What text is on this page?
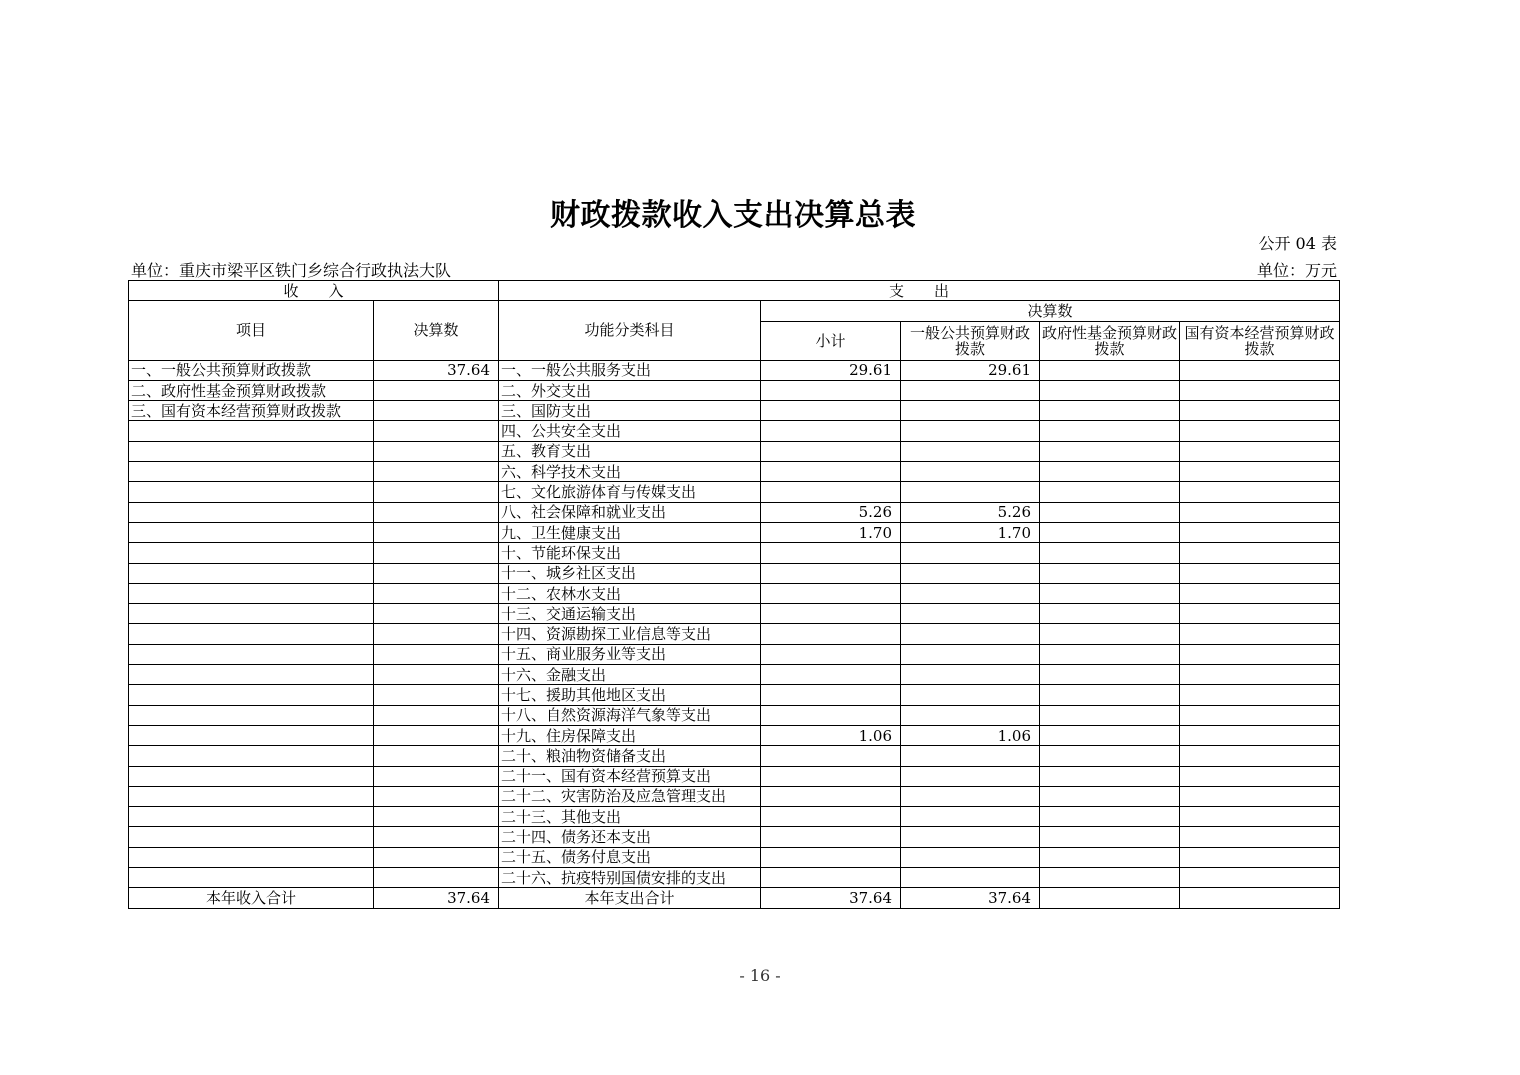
财政拨款收入支出决算总表
公开 04 表
单位：重庆市梁平区铁门乡综合行政执法大队	单位：万元
收　　入		支　　出				
项目	决算数	功能分类科目	决算数			
			小计	一般公共预算财政拨款	政府性基金预算财政拨款	国有资本经营预算财政拨款
一、一般公共预算财政拨款	37.64	一、一般公共服务支出	29.61	29.61		
二、政府性基金预算财政拨款		二、外交支出				
三、国有资本经营预算财政拨款		三、国防支出				
		四、公共安全支出				
		五、教育支出				
		六、科学技术支出				
		七、文化旅游体育与传媒支出				
		八、社会保障和就业支出	5.26	5.26		
		九、卫生健康支出	1.70	1.70		
		十、节能环保支出				
		十一、城乡社区支出				
		十二、农林水支出				
		十三、交通运输支出				
		十四、资源勘探工业信息等支出				
		十五、商业服务业等支出				
		十六、金融支出				
		十七、援助其他地区支出				
		十八、自然资源海洋气象等支出				
		十九、住房保障支出	1.06	1.06		
		二十、粮油物资储备支出				
		二十一、国有资本经营预算支出				
		二十二、灾害防治及应急管理支出				
		二十三、其他支出				
		二十四、债务还本支出				
		二十五、债务付息支出				
		二十六、抗疫特别国债安排的支出				
本年收入合计	37.64	本年支出合计	37.64	37.64		
- 16 -
